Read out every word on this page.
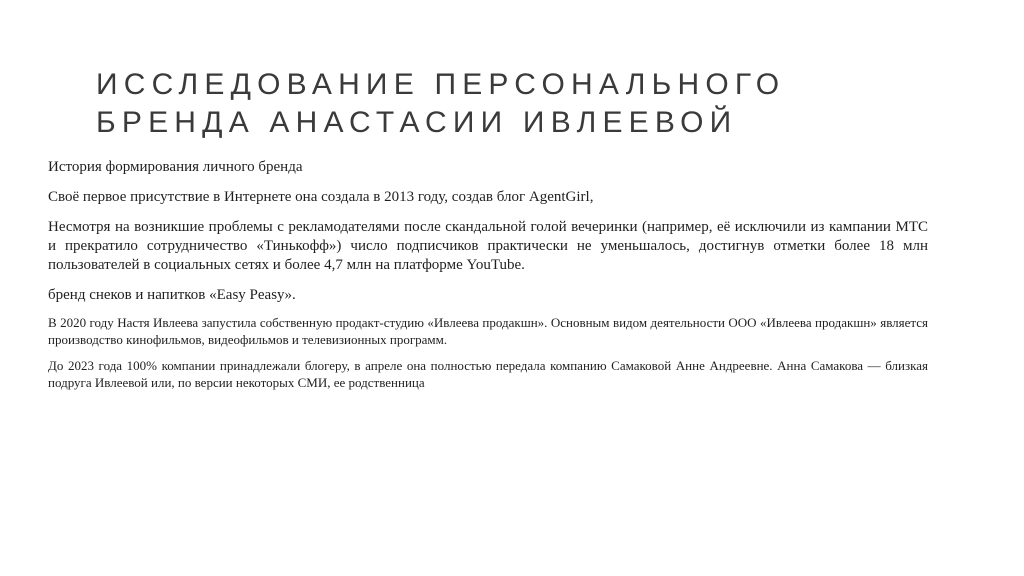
ИССЛЕДОВАНИЕ ПЕРСОНАЛЬНОГО
БРЕНДА АНАСТАСИИ ИВЛЕЕВОЙ

История формирования личного бренда

Своё первое присутствие в Интернете она создала в 2013 году, создав блог AgentGirl,

Несмотря на возникшие проблемы с рекламодателями после скандальной голой вечеринки (например, её исключили из кампании МТС и прекратило сотрудничество «Тинькофф») число подписчиков практически не уменьшалось, достигнув отметки более 18 млн пользователей в социальных сетях и более 4,7 млн на платформе YouTube.

бренд снеков и напитков «Easy Peasy».

В 2020 году Настя Ивлеева запустила собственную продакт-студию «Ивлеева продакшн». Основным видом деятельности ООО «Ивлеева продакшн» является производство кинофильмов, видеофильмов и телевизионных программ.

До 2023 года 100% компании принадлежали блогеру, в апреле она полностью передала компанию Самаковой Анне Андреевне. Анна Самакова — близкая подруга Ивлеевой или, по версии некоторых СМИ, ее родственница
